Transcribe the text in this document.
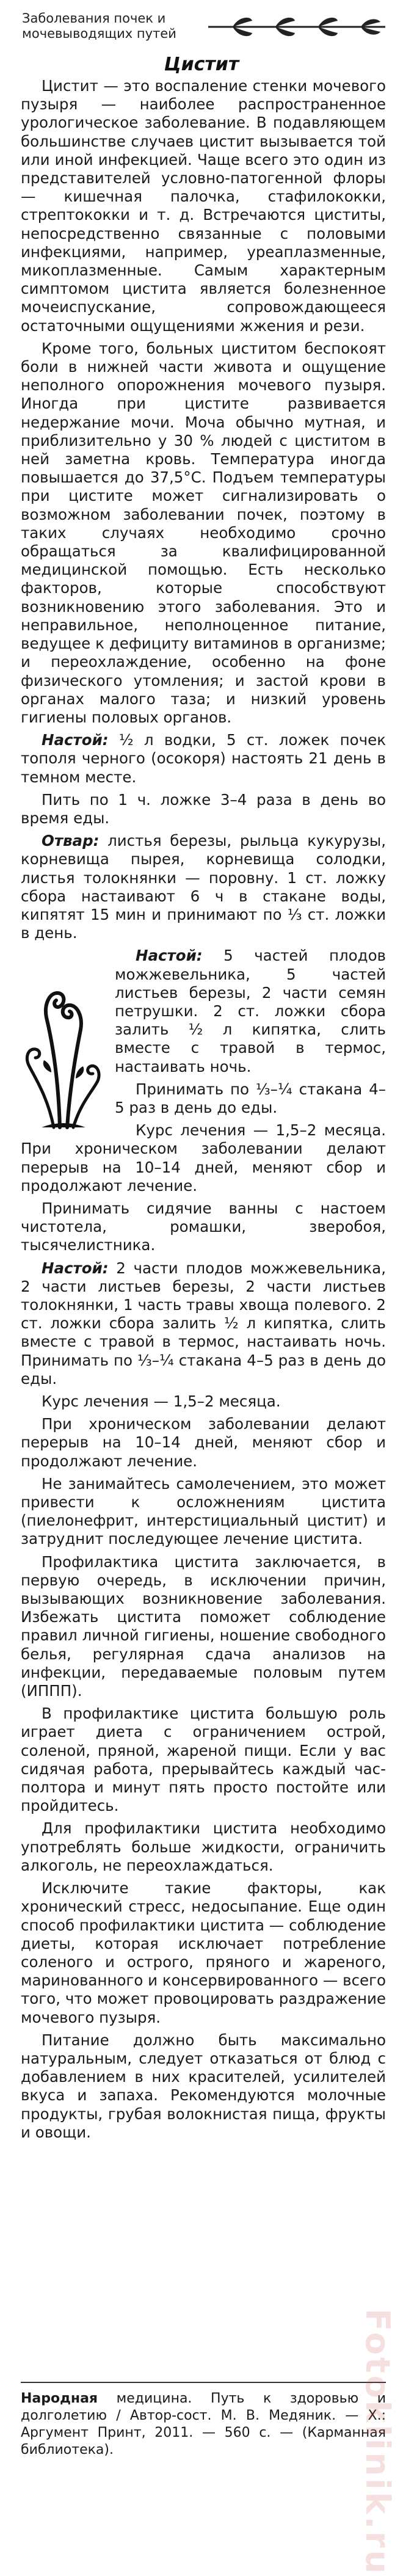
Заболевания почек и мочевыводящих путей
Цистит

Цистит — это воспаление стенки мочевого пузыря — наиболее распространенное урологическое заболевание. В подавляющем большинстве случаев цистит вызывается той или иной инфекцией. Чаще всего это один из представителей условно-патогенной флоры — кишечная палочка, стафилококки, стрептококки и т. д. Встречаются циститы, непосредственно связанные с половыми инфекциями, например, уреаплазменные, микоплазменные. Самым характерным симптомом цистита является болезненное мочеиспускание, сопровождающееся остаточными ощущениями жжения и рези.

Кроме того, больных циститом беспокоят боли в нижней части живота и ощущение неполного опорожнения мочевого пузыря. Иногда при цистите развивается недержание мочи. Моча обычно мутная, и приблизительно у 30 % людей с циститом в ней заметна кровь. Температура иногда повышается до 37,5°С. Подъем температуры при цистите может сигнализировать о возможном заболевании почек, поэтому в таких случаях необходимо срочно обращаться за квалифицированной медицинской помощью. Есть несколько факторов, которые способствуют возникновению этого заболевания. Это и неправильное, неполноценное питание, ведущее к дефициту витаминов в организме; и переохлаждение, особенно на фоне физического утомления; и застой крови в органах малого таза; и низкий уровень гигиены половых органов.

Настой: ½ л водки, 5 ст. ложек почек тополя черного (осокоря) настоять 21 день в темном месте.

Пить по 1 ч. ложке 3–4 раза в день во время еды.

Отвар: листья березы, рыльца кукурузы, корневища пырея, корневища солодки, листья толокнянки — поровну. 1 ст. ложку сбора настаивают 6 ч в стакане воды, кипятят 15 мин и принимают по ⅓ ст. ложки в день.

Настой: 5 частей плодов можжевельника, 5 частей листьев березы, 2 части семян петрушки. 2 ст. ложки сбора залить ½ л кипятка, слить вместе с травой в термос, настаивать ночь.

Принимать по ⅓–¼ стакана 4–5 раз в день до еды.

Курс лечения — 1,5–2 месяца. При хроническом заболевании делают перерыв на 10–14 дней, меняют сбор и продолжают лечение.

Принимать сидячие ванны с настоем чистотела, ромашки, зверобоя, тысячелистника.

Настой: 2 части плодов можжевельника, 2 части листьев березы, 2 части листьев толокнянки, 1 часть травы хвоща полевого. 2 ст. ложки сбора залить ½ л кипятка, слить вместе с травой в термос, настаивать ночь. Принимать по ⅓–¼ стакана 4–5 раз в день до еды.

Курс лечения — 1,5–2 месяца.

При хроническом заболевании делают перерыв на 10–14 дней, меняют сбор и продолжают лечение.

Не занимайтесь самолечением, это может привести к осложнениям цистита (пиелонефрит, интерстициальный цистит) и затруднит последующее лечение цистита.

Профилактика цистита заключается, в первую очередь, в исключении причин, вызывающих возникновение заболевания. Избежать цистита поможет соблюдение правил личной гигиены, ношение свободного белья, регулярная сдача анализов на инфекции, передаваемые половым путем (ИППП).

В профилактике цистита большую роль играет диета с ограничением острой, соленой, пряной, жареной пищи. Если у вас сидячая работа, прерывайтесь каждый час-полтора и минут пять просто постойте или пройдитесь.

Для профилактики цистита необходимо употреблять больше жидкости, ограничить алкоголь, не переохлаждаться.

Исключите такие факторы, как хронический стресс, недосыпание. Еще один способ профилактики цистита — соблюдение диеты, которая исключает потребление соленого и острого, пряного и жареного, маринованного и консервированного — всего того, что может провоцировать раздражение мочевого пузыря.

Питание должно быть максимально натуральным, следует отказаться от блюд с добавлением в них красителей, усилителей вкуса и запаха. Рекомендуются молочные продукты, грубая волокнистая пища, фрукты и овощи.

Народная медицина. Путь к здоровью и долголетию / Автор-сост. М. В. Медяник. — Х.: Аргумент Принт, 2011. — 560 с. — (Карманная библиотека).	Fotoklinik.ru
